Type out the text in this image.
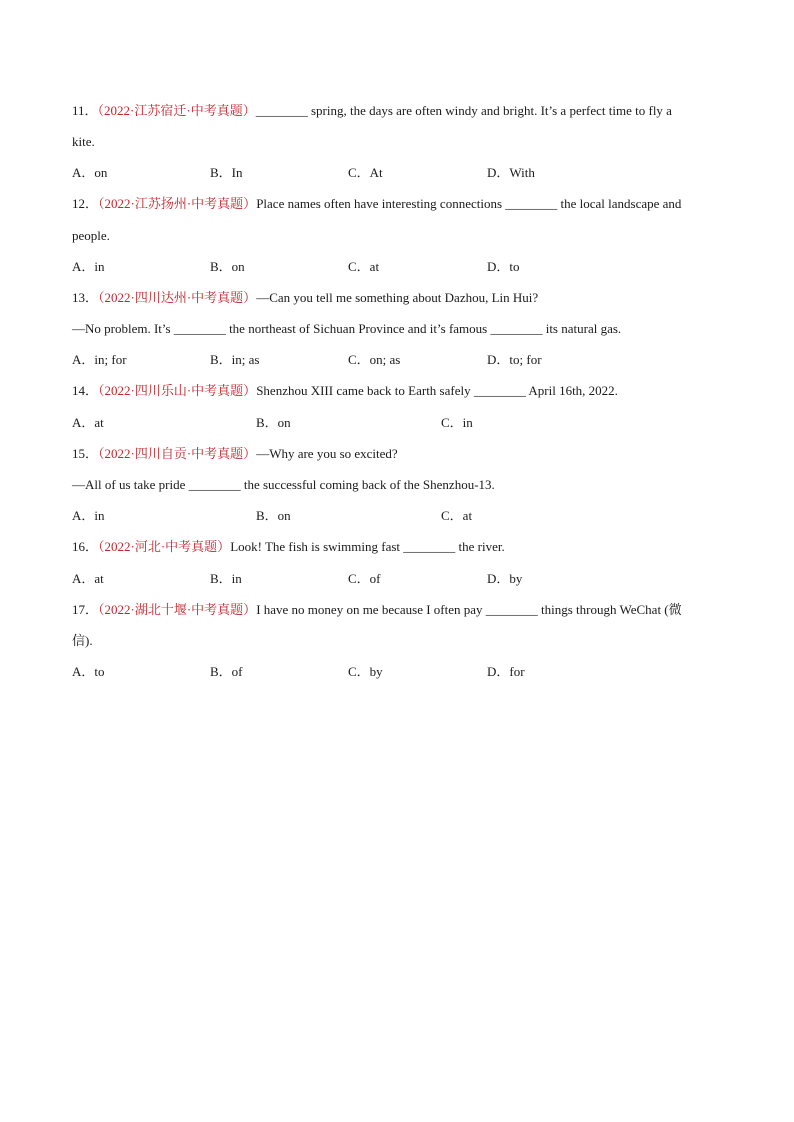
11．（2022·江苏宿迁·中考真题）________ spring, the days are often windy and bright. It’s a perfect time to fly a
kite.
A．on	B．In	C．At	D．With
12．（2022·江苏扬州·中考真题）Place names often have interesting connections ________ the local landscape and
people.
A．in	B．on	C．at	D．to
13．（2022·四川达州·中考真题）—Can you tell me something about Dazhou, Lin Hui?
—No problem. It’s ________ the northeast of Sichuan Province and it’s famous ________ its natural gas.
A．in; for	B．in; as	C．on; as	D．to; for
14．（2022·四川乐山·中考真题）Shenzhou XIII came back to Earth safely ________ April 16th, 2022.
A．at	B．on	C．in
15．（2022·四川自贡·中考真题）—Why are you so excited?
—All of us take pride ________ the successful coming back of the Shenzhou-13.
A．in	B．on	C．at
16．（2022·河北·中考真题）Look! The fish is swimming fast ________ the river.
A．at	B．in	C．of	D．by
17．（2022·湖北十堰·中考真题）I have no money on me because I often pay ________ things through WeChat (微
信).
A．to	B．of	C．by	D．for
